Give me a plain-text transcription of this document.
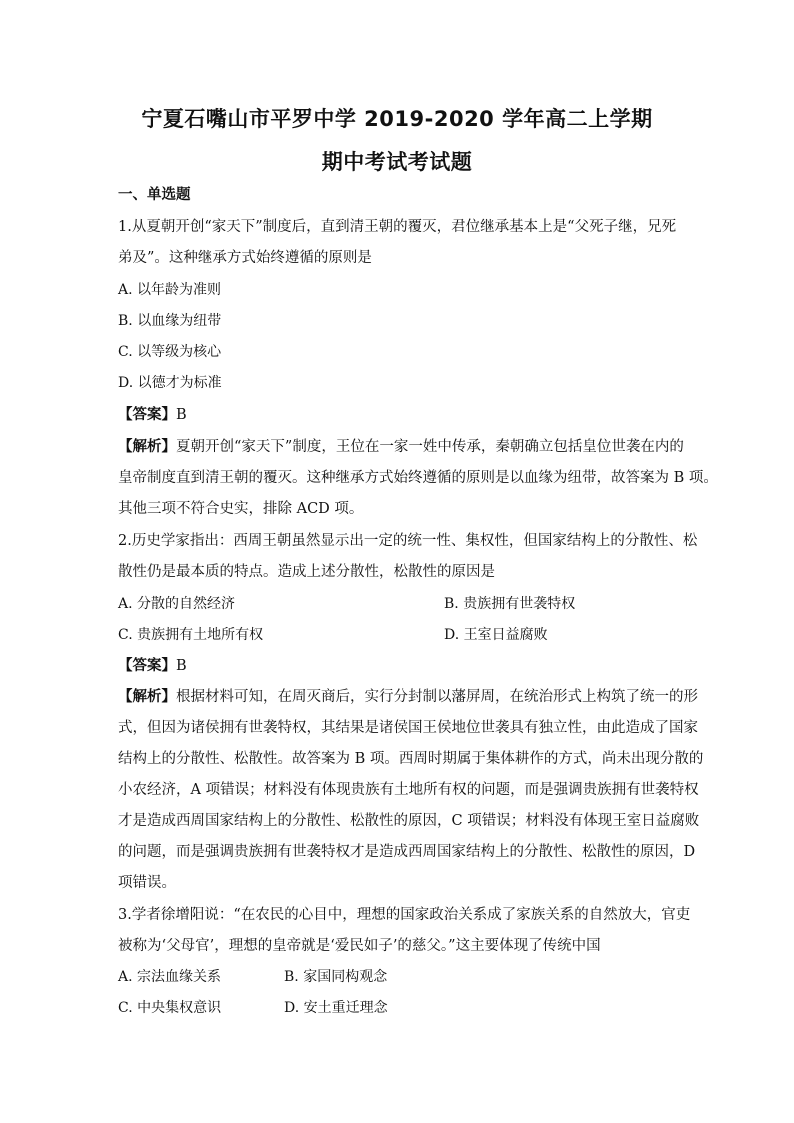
宁夏石嘴山市平罗中学 2019-2020 学年高二上学期
期中考试考试题
一、单选题
1.从夏朝开创“家天下”制度后，直到清王朝的覆灭，君位继承基本上是“父死子继，兄死
弟及”。这种继承方式始终遵循的原则是
A. 以年龄为准则
B. 以血缘为纽带
C. 以等级为核心
D. 以德才为标准
【答案】B
【解析】夏朝开创“家天下”制度，王位在一家一姓中传承，秦朝确立包括皇位世袭在内的
皇帝制度直到清王朝的覆灭。这种继承方式始终遵循的原则是以血缘为纽带，故答案为 B 项。
其他三项不符合史实，排除 ACD 项。
2.历史学家指出：西周王朝虽然显示出一定的统一性、集权性，但国家结构上的分散性、松
散性仍是最本质的特点。造成上述分散性，松散性的原因是
A. 分散的自然经济	B. 贵族拥有世袭特权
C. 贵族拥有土地所有权	D. 王室日益腐败
【答案】B
【解析】根据材料可知，在周灭商后，实行分封制以藩屏周，在统治形式上构筑了统一的形
式，但因为诸侯拥有世袭特权，其结果是诸侯国王侯地位世袭具有独立性，由此造成了国家
结构上的分散性、松散性。故答案为 B 项。西周时期属于集体耕作的方式，尚未出现分散的
小农经济，A 项错误；材料没有体现贵族有土地所有权的问题，而是强调贵族拥有世袭特权
才是造成西周国家结构上的分散性、松散性的原因，C 项错误；材料没有体现王室日益腐败
的问题，而是强调贵族拥有世袭特权才是造成西周国家结构上的分散性、松散性的原因，D
项错误。
3.学者徐增阳说：“在农民的心目中，理想的国家政治关系成了家族关系的自然放大，官吏
被称为‘父母官’，理想的皇帝就是‘爱民如子’的慈父。”这主要体现了传统中国
A. 宗法血缘关系	B. 家国同构观念
C. 中央集权意识	D. 安土重迁理念
